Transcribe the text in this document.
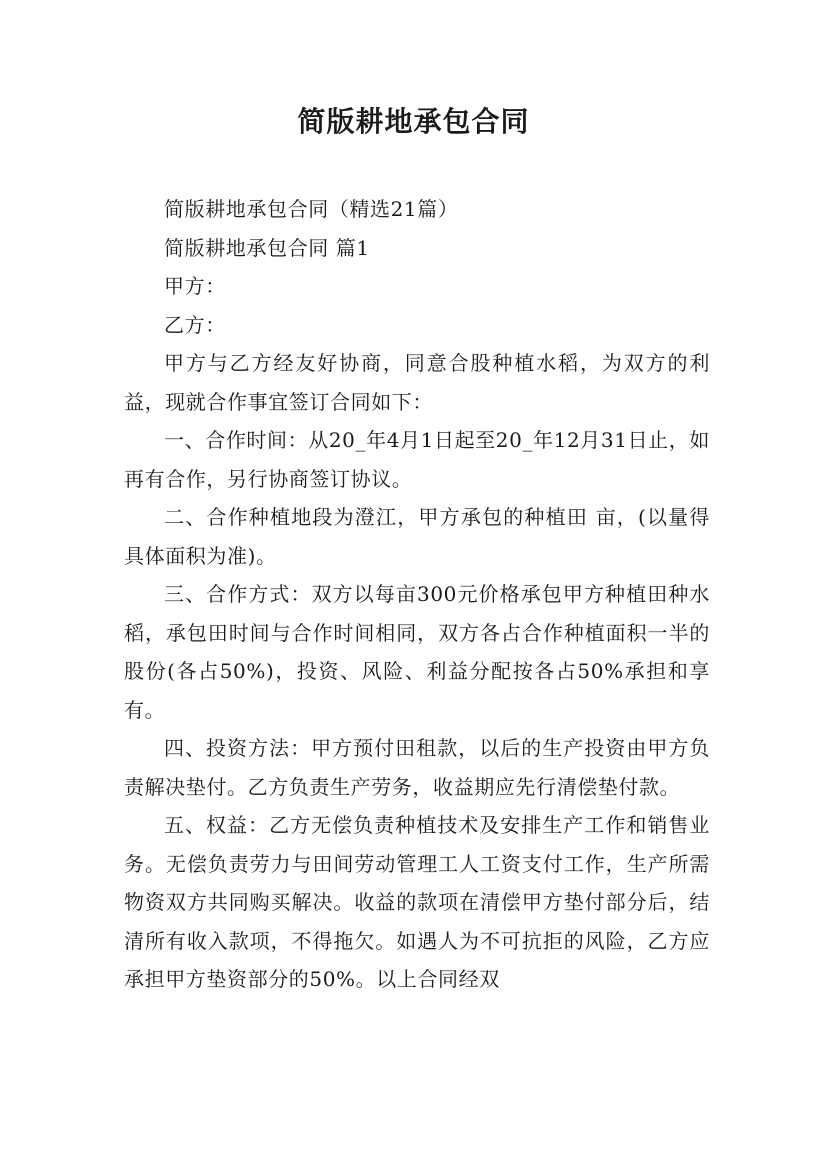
简版耕地承包合同

简版耕地承包合同（精选21篇）

简版耕地承包合同 篇1

甲方：

乙方：

甲方与乙方经友好协商，同意合股种植水稻，为双方的利益，现就合作事宜签订合同如下：

一、合作时间：从20_年4月1日起至20_年12月31日止，如再有合作，另行协商签订协议。

二、合作种植地段为澄江，甲方承包的种植田 亩，(以量得具体面积为准)。

三、合作方式：双方以每亩300元价格承包甲方种植田种水稻，承包田时间与合作时间相同，双方各占合作种植面积一半的股份(各占50%)，投资、风险、利益分配按各占50%承担和享有。

四、投资方法：甲方预付田租款，以后的生产投资由甲方负责解决垫付。乙方负责生产劳务，收益期应先行清偿垫付款。

五、权益：乙方无偿负责种植技术及安排生产工作和销售业务。无偿负责劳力与田间劳动管理工人工资支付工作，生产所需物资双方共同购买解决。收益的款项在清偿甲方垫付部分后，结清所有收入款项，不得拖欠。如遇人为不可抗拒的风险，乙方应承担甲方垫资部分的50%。以上合同经双
